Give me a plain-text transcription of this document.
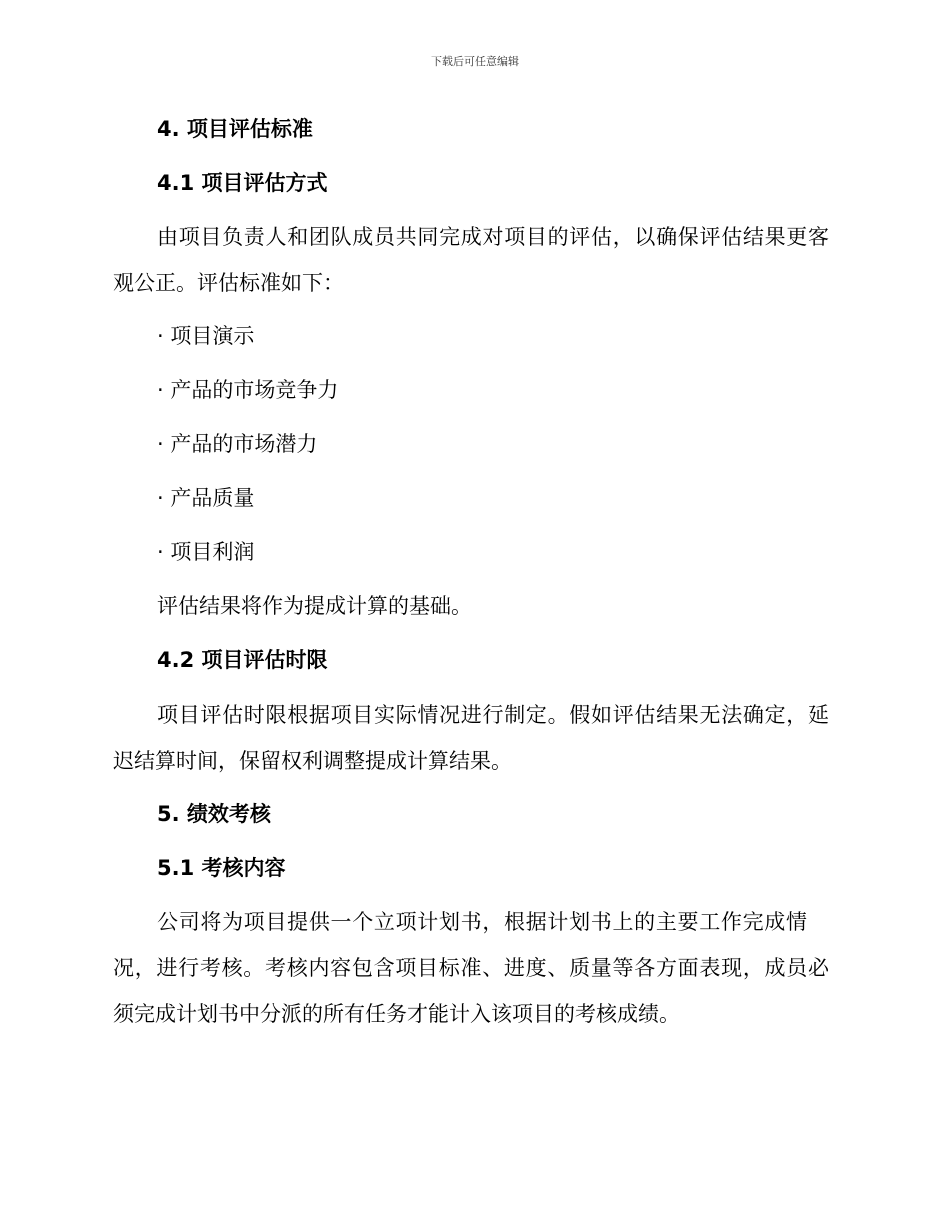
下载后可任意编辑
4. 项目评估标准
4.1 项目评估方式
由项目负责人和团队成员共同完成对项目的评估，以确保评估结果更客
观公正。评估标准如下：
· 项目演示
· 产品的市场竞争力
· 产品的市场潜力
· 产品质量
· 项目利润
评估结果将作为提成计算的基础。
4.2 项目评估时限
项目评估时限根据项目实际情况进行制定。假如评估结果无法确定，延
迟结算时间，保留权利调整提成计算结果。
5. 绩效考核
5.1 考核内容
公司将为项目提供一个立项计划书，根据计划书上的主要工作完成情
况，进行考核。考核内容包含项目标准、进度、质量等各方面表现，成员必
须完成计划书中分派的所有任务才能计入该项目的考核成绩。
